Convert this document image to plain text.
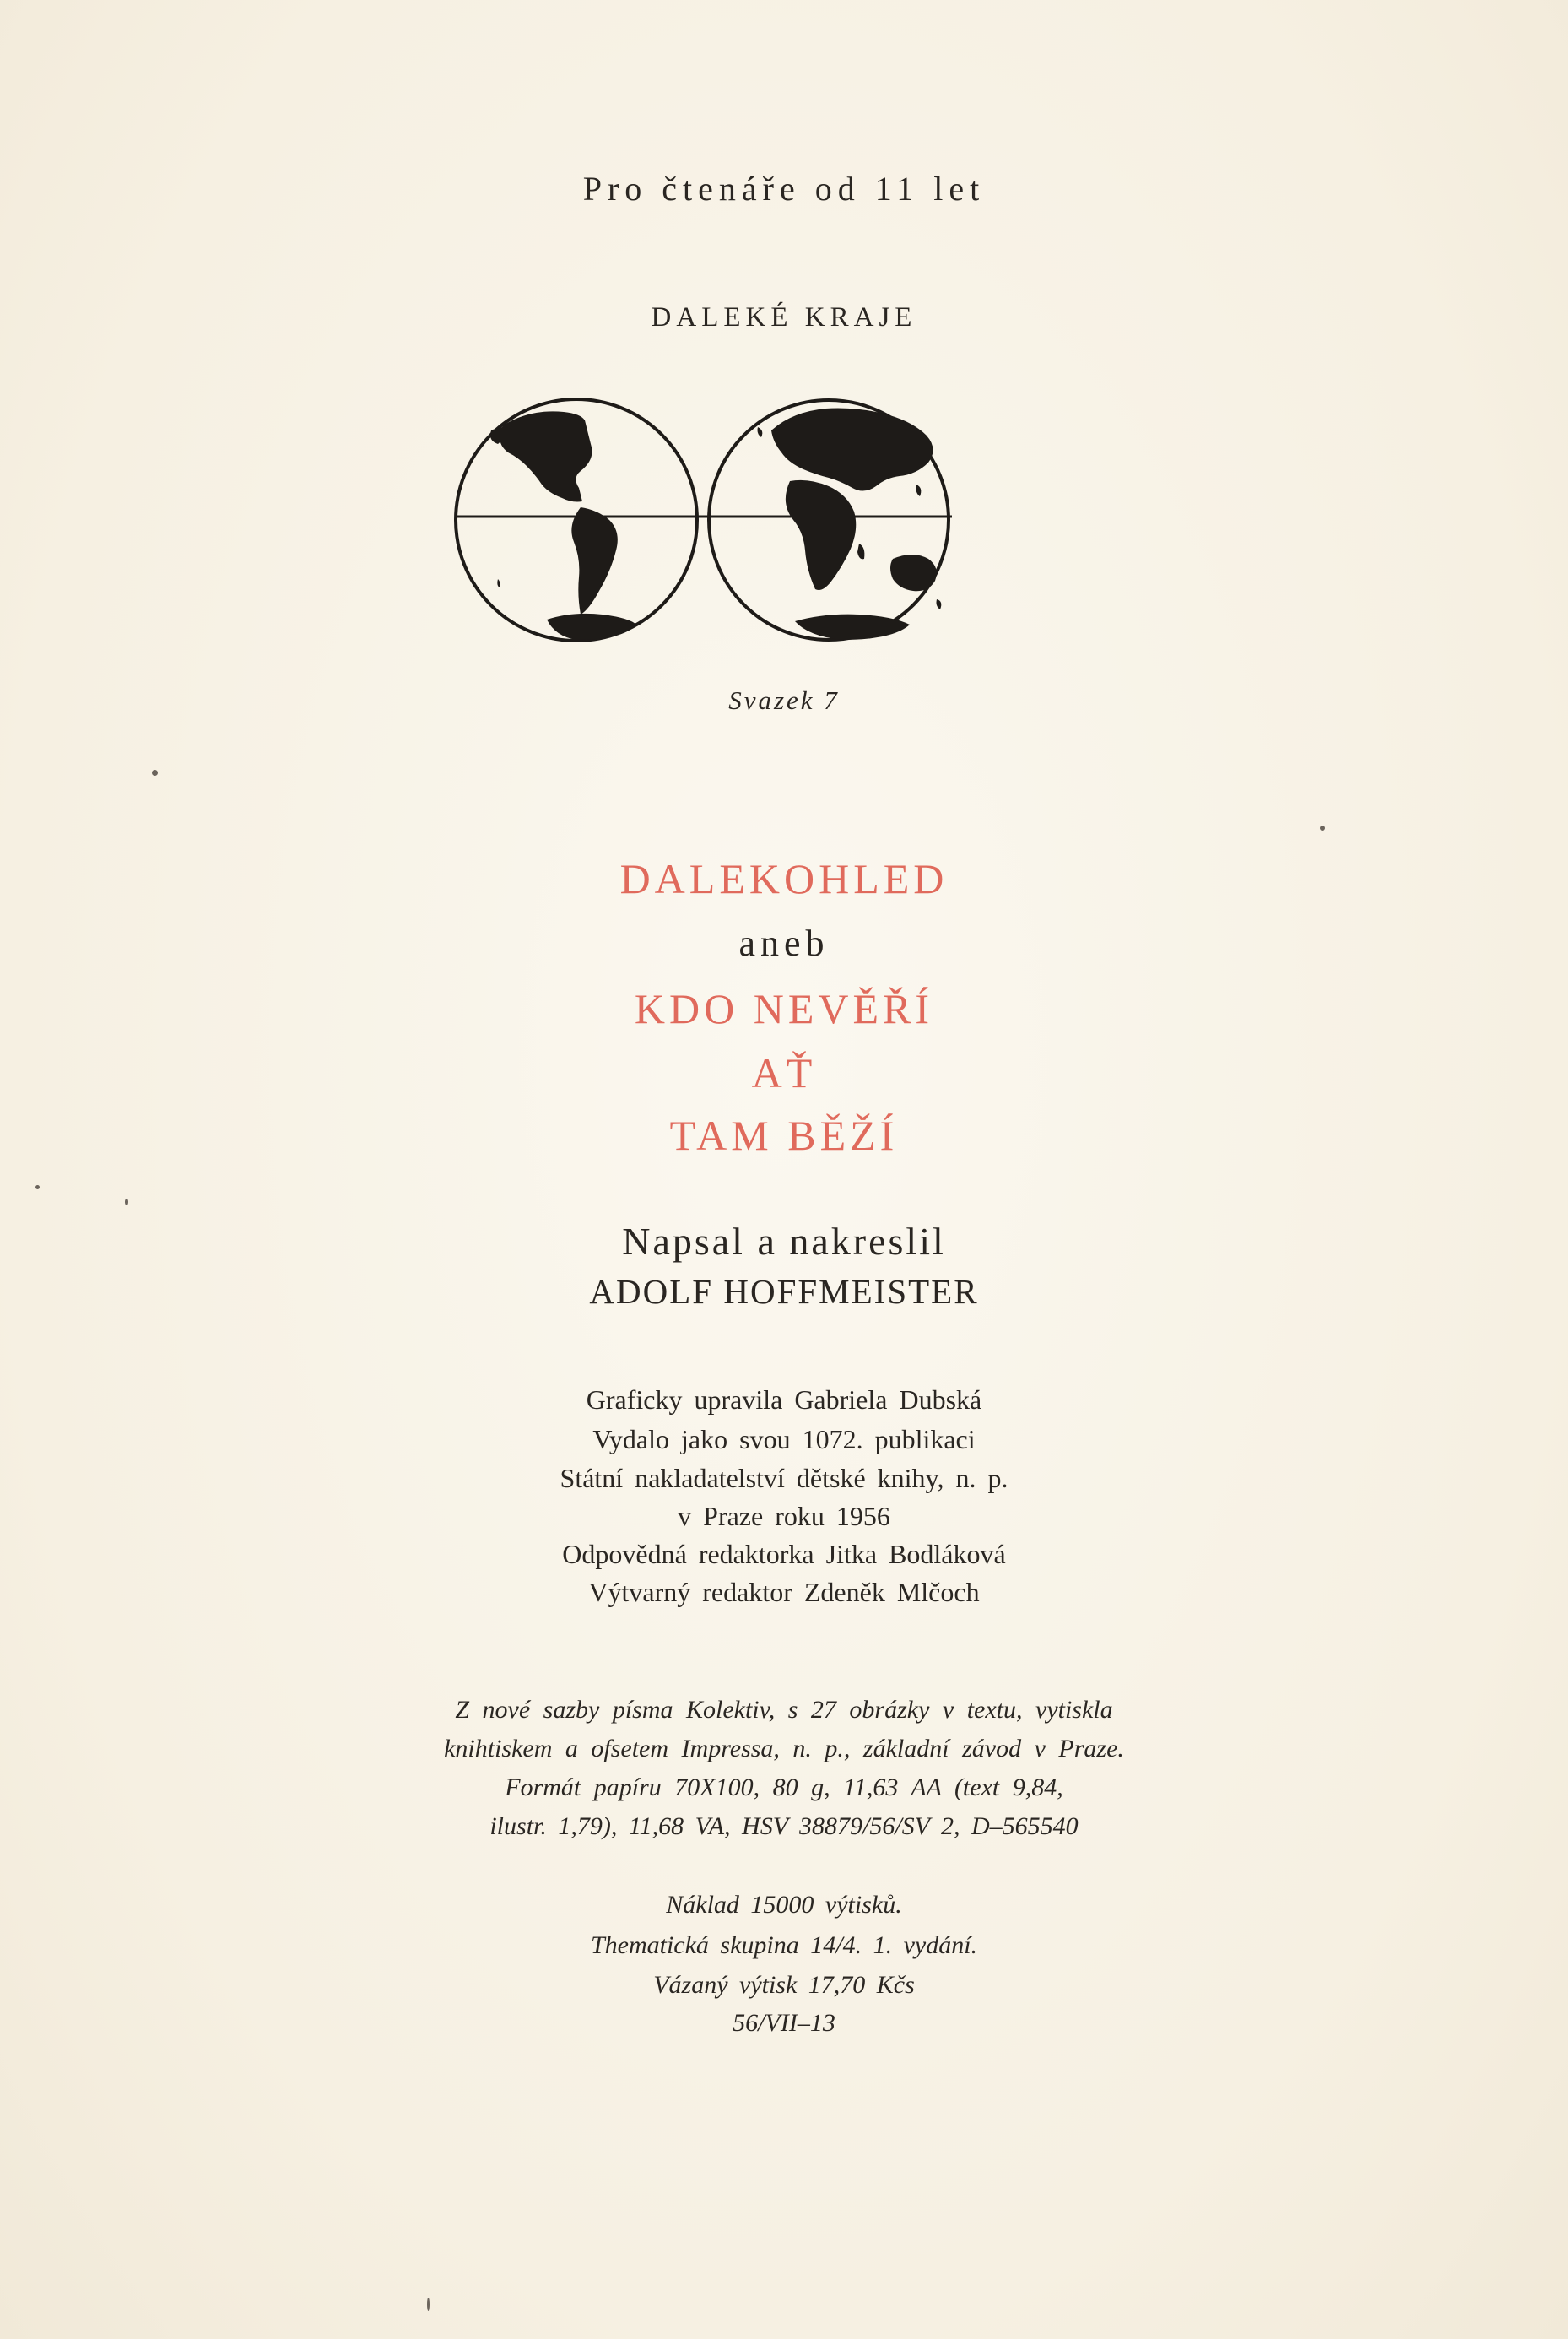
Pro čtenáře od 11 let
DALEKÉ KRAJE
Svazek 7
DALEKOHLED
aneb
KDO NEVĚŘÍ
AŤ
TAM BĚŽÍ
Napsal a nakreslil
ADOLF HOFFMEISTER
Graficky upravila Gabriela Dubská
Vydalo jako svou 1072. publikaci
Státní nakladatelství dětské knihy, n. p.
v Praze roku 1956
Odpovědná redaktorka Jitka Bodláková
Výtvarný redaktor Zdeněk Mlčoch
Z nové sazby písma Kolektiv, s 27 obrázky v textu, vytiskla
knihtiskem a ofsetem Impressa, n. p., základní závod v Praze.
Formát papíru 70X100, 80 g, 11,63 AA (text 9,84,
ilustr. 1,79), 11,68 VA, HSV 38879/56/SV 2, D–565540
Náklad 15000 výtisků.
Thematická skupina 14/4. 1. vydání.
Vázaný výtisk 17,70 Kčs
56/VII–13
